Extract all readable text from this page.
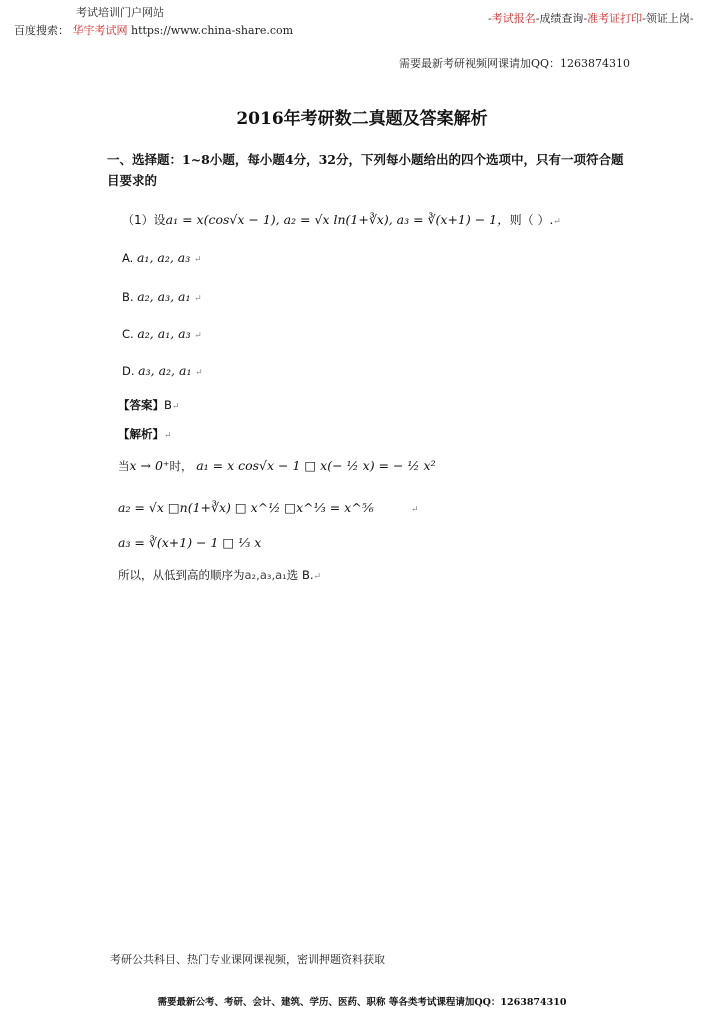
考试培训门户网站
百度搜索： 华宇考试网 https://www.china-share.com
-考试报名-成绩查询-准考证打印-领证上岗-
需要最新考研视频网课请加QQ：1263874310
2016年考研数二真题及答案解析
一、选择题：1~8小题，每小题4分，32分，下列每小题给出的四个选项中，只有一项符合题目要求的
（1）设a₁ = x(cos√x − 1), a₂ = √x ln(1+∛x), a₃ = ∛(x+1) − 1，则（ ）.↵
A. a₁, a₂, a₃ ↵
B. a₂, a₃, a₁ ↵
C. a₂, a₁, a₃ ↵
D. a₃, a₂, a₁ ↵
【答案】B↵
【解析】↵
当x → 0⁺时， a₁ = x cos√x − 1 □ x(− ½ x) = − ½ x²
a₂ = √x □n(1+∛x) □ x^½ □x^⅓ = x^⅚	↵
a₃ = ∛(x+1) − 1 □ ⅓ x
所以，从低到高的顺序为a₂,a₃,a₁选 B.↵
考研公共科目、热门专业课网课视频，密训押题资料获取
需要最新公考、考研、会计、建筑、学历、医药、职称 等各类考试课程请加QQ：1263874310
